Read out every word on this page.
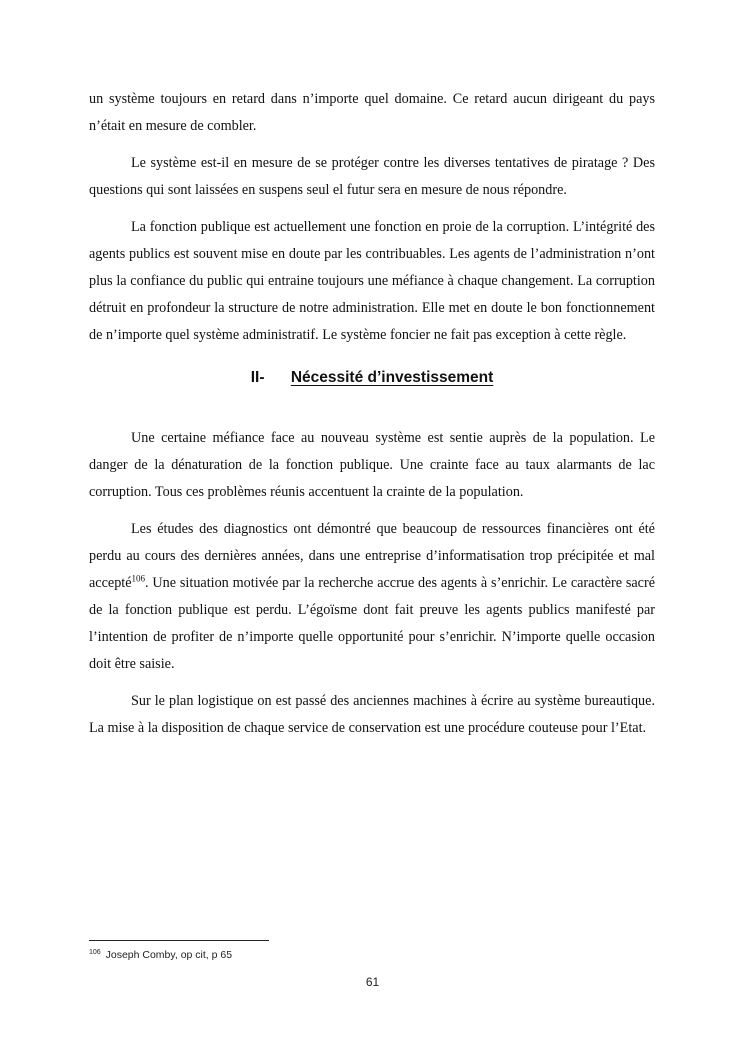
un système toujours en retard dans n’importe quel domaine. Ce retard aucun dirigeant du pays n’était en mesure de combler.

Le système est-il en mesure de se protéger contre les diverses tentatives de piratage ? Des questions qui sont laissées en suspens seul el futur sera en mesure de nous répondre.

La fonction publique est actuellement une fonction en proie de la corruption. L’intégrité des agents publics est souvent mise en doute par les contribuables. Les agents de l’administration n’ont plus la confiance du public qui entraine toujours une méfiance à chaque changement. La corruption détruit en profondeur la structure de notre administration. Elle met en doute le bon fonctionnement de n’importe quel système administratif. Le système foncier ne fait pas exception à cette règle.

II- Nécessité d’investissement

Une certaine méfiance face au nouveau système est sentie auprès de la population. Le danger de la dénaturation de la fonction publique. Une crainte face au taux alarmants de lac corruption. Tous ces problèmes réunis accentuent la crainte de la population.

Les études des diagnostics ont démontré que beaucoup de ressources financières ont été perdu au cours des dernières années, dans une entreprise d’informatisation trop précipitée et mal accepté$^{106}$. Une situation motivée par la recherche accrue des agents à s’enrichir. Le caractère sacré de la fonction publique est perdu. L’égoïsme dont fait preuve les agents publics manifesté par l’intention de profiter de n’importe quelle opportunité pour s’enrichir. N’importe quelle occasion doit être saisie.

Sur le plan logistique on est passé des anciennes machines à écrire au système bureautique. La mise à la disposition de chaque service de conservation est une procédure couteuse pour l’Etat.

$^{106}$ Joseph Comby, op cit, p 65
61
